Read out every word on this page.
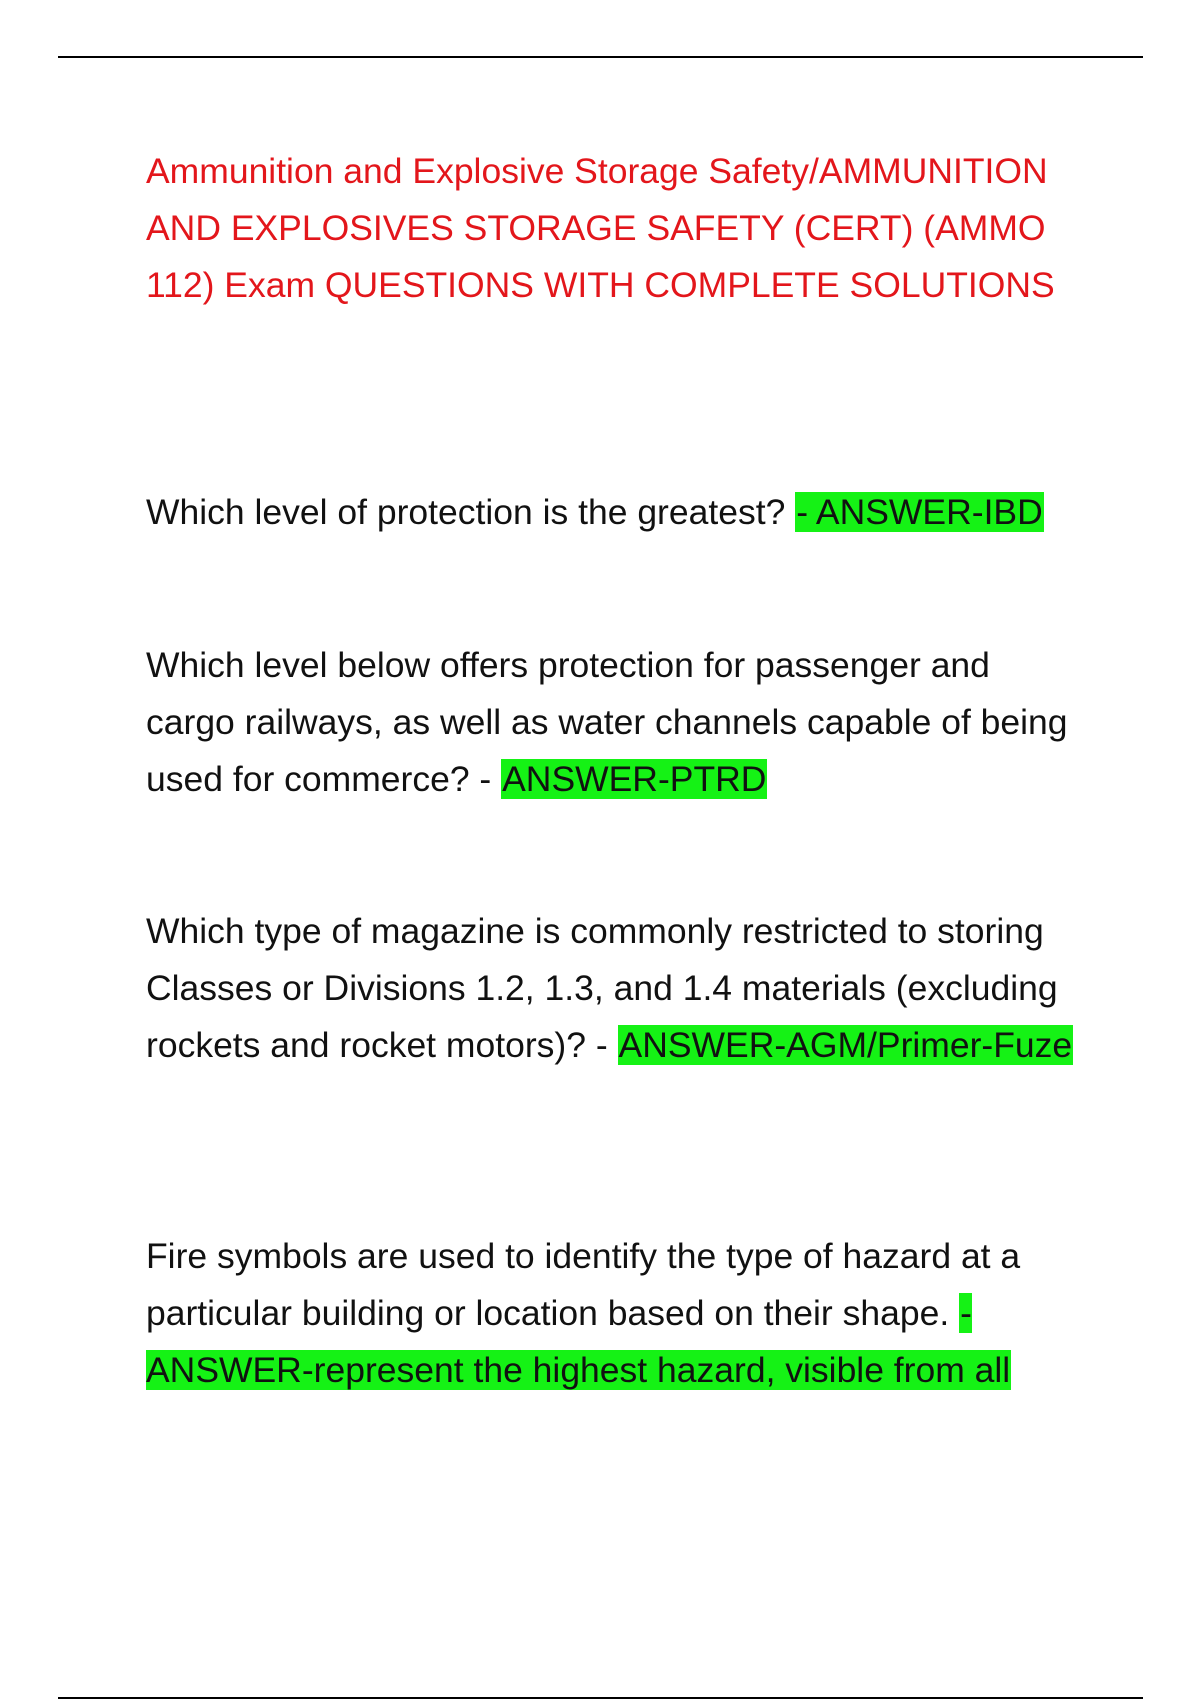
Ammunition and Explosive Storage Safety/AMMUNITION AND EXPLOSIVES STORAGE SAFETY (CERT) (AMMO 112) Exam QUESTIONS WITH COMPLETE SOLUTIONS

Which level of protection is the greatest? - ANSWER-IBD

Which level below offers protection for passenger and cargo railways, as well as water channels capable of being used for commerce? - ANSWER-PTRD

Which type of magazine is commonly restricted to storing Classes or Divisions 1.2, 1.3, and 1.4 materials (excluding rockets and rocket motors)? - ANSWER-AGM/Primer-Fuze

Fire symbols are used to identify the type of hazard at a particular building or location based on their shape. - ANSWER-represent the highest hazard, visible from all
